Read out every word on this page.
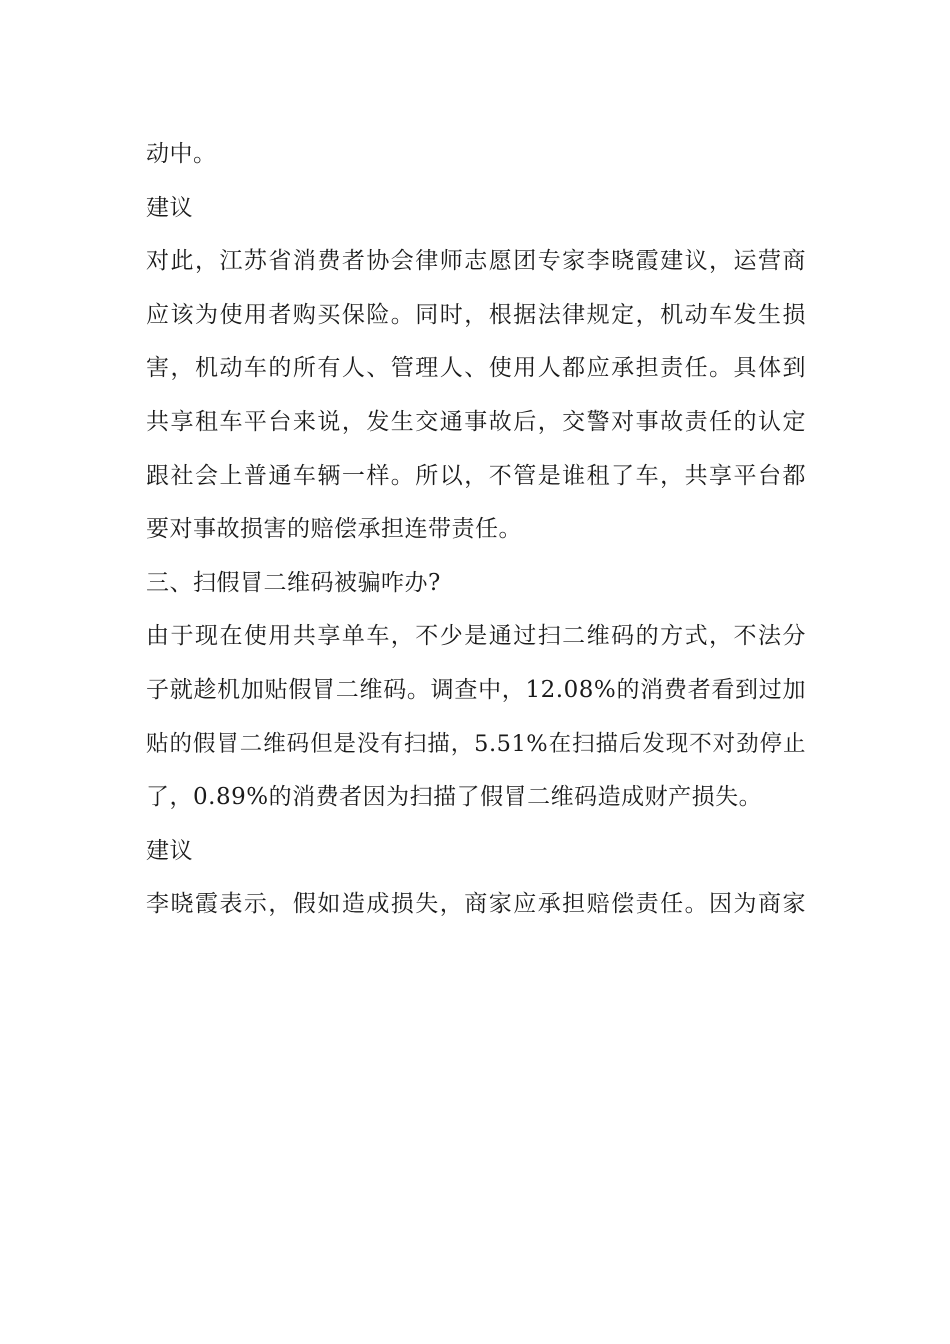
动中。
建议
对此，江苏省消费者协会律师志愿团专家李晓霞建议，运营商
应该为使用者购买保险。同时，根据法律规定，机动车发生损
害，机动车的所有人、管理人、使用人都应承担责任。具体到
共享租车平台来说，发生交通事故后，交警对事故责任的认定
跟社会上普通车辆一样。所以，不管是谁租了车，共享平台都
要对事故损害的赔偿承担连带责任。
三、扫假冒二维码被骗咋办?
由于现在使用共享单车，不少是通过扫二维码的方式，不法分
子就趁机加贴假冒二维码。调查中，12.08%的消费者看到过加
贴的假冒二维码但是没有扫描，5.51%在扫描后发现不对劲停止
了，0.89%的消费者因为扫描了假冒二维码造成财产损失。
建议
李晓霞表示，假如造成损失，商家应承担赔偿责任。因为商家
